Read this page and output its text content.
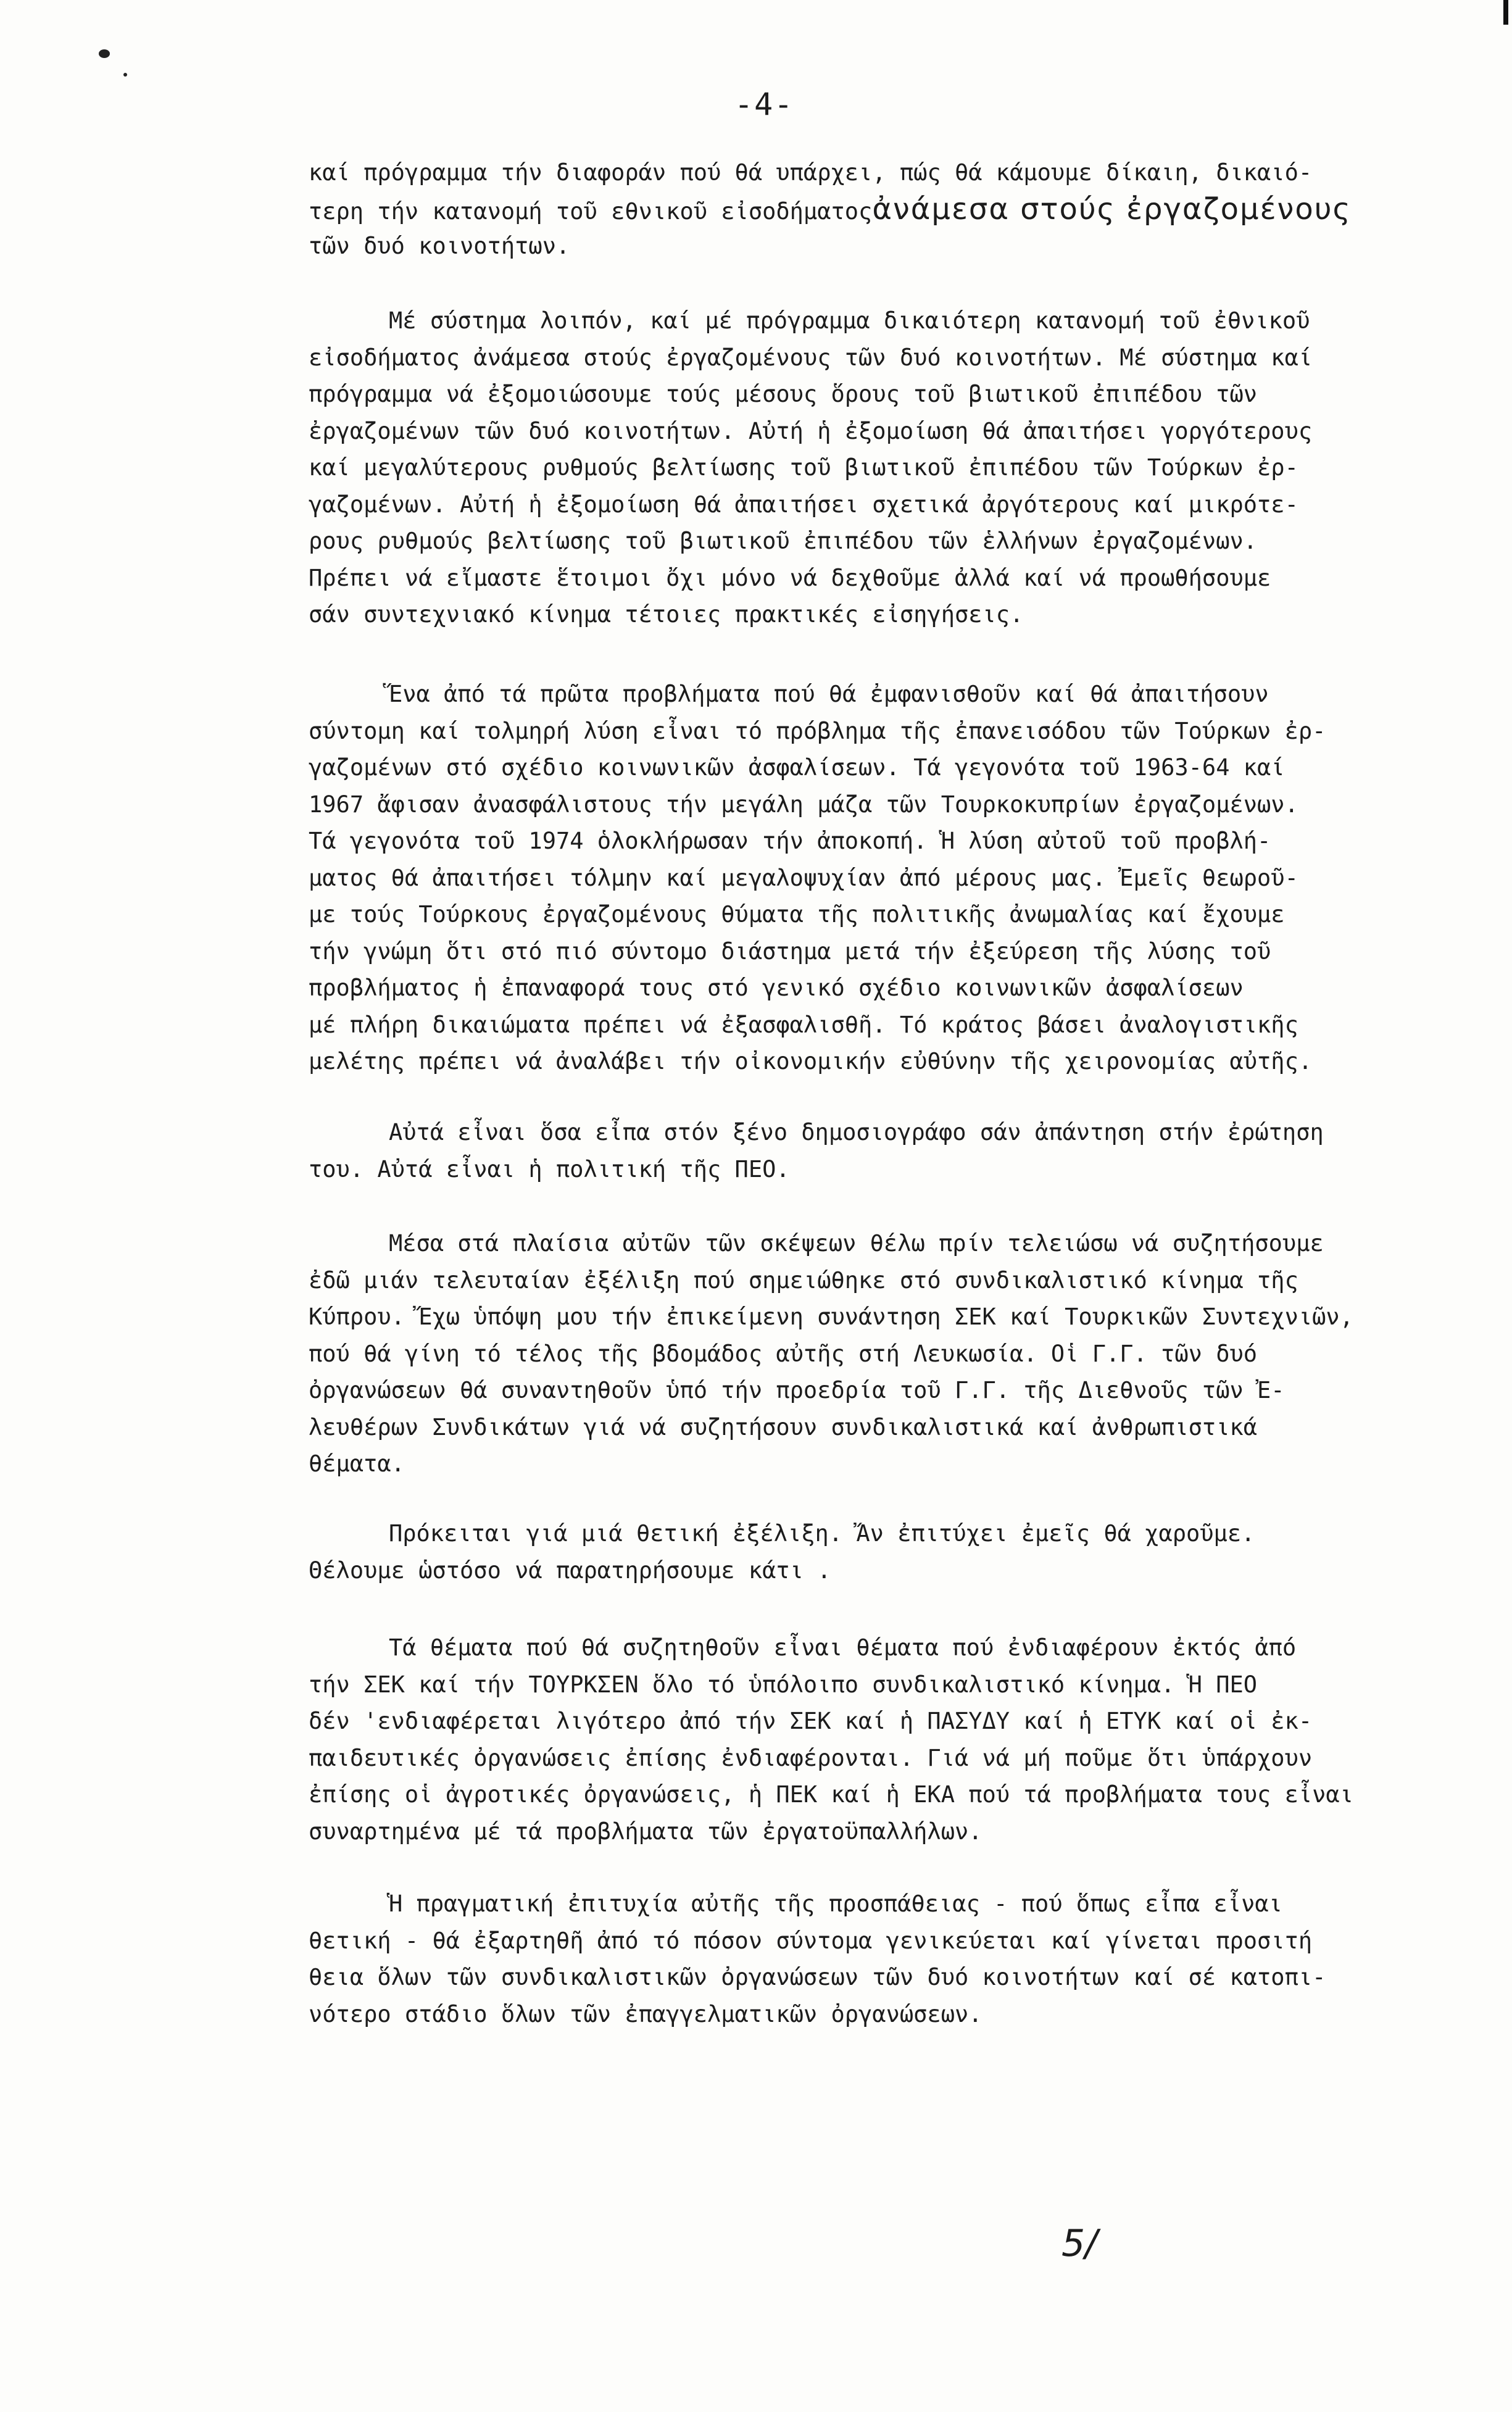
-4-
καί πρόγραμμα τήν διαφοράν πού θά υπάρχει, πώς θά κάμουμε δίκαιη, δικαιό-
τερη τήν κατανομή τοῦ εθνικοῦ εἰσοδήματοςἀνάμεσα στούς ἐργαζομένους
τῶν δυό κοινοτήτων.
Μέ σύστημα λοιπόν, καί μέ πρόγραμμα δικαιότερη κατανομή τοῦ ἐθνικοῦ
εἰσοδήματος ἀνάμεσα στούς ἐργαζομένους τῶν δυό κοινοτήτων. Μέ σύστημα καί
πρόγραμμα νά ἐξομοιώσουμε τούς μέσους ὅρους τοῦ βιωτικοῦ ἐπιπέδου τῶν
ἐργαζομένων τῶν δυό κοινοτήτων. Αὐτή ἡ ἐξομοίωση θά ἀπαιτήσει γοργότερους
καί μεγαλύτερους ρυθμούς βελτίωσης τοῦ βιωτικοῦ ἐπιπέδου τῶν Τούρκων ἐρ-
γαζομένων. Αὐτή ἡ ἐξομοίωση θά ἀπαιτήσει σχετικά ἀργότερους καί μικρότε-
ρους ρυθμούς βελτίωσης τοῦ βιωτικοῦ ἐπιπέδου τῶν ἑλλήνων ἐργαζομένων.
Πρέπει νά εἴμαστε ἕτοιμοι ὄχι μόνο νά δεχθοῦμε ἀλλά καί νά προωθήσουμε
σάν συντεχνιακό κίνημα τέτοιες πρακτικές εἰσηγήσεις.
Ἕνα ἀπό τά πρῶτα προβλήματα πού θά ἐμφανισθοῦν καί θά ἀπαιτήσουν
σύντομη καί τολμηρή λύση εἶναι τό πρόβλημα τῆς ἐπανεισόδου τῶν Τούρκων ἐρ-
γαζομένων στό σχέδιο κοινωνικῶν ἀσφαλίσεων. Τά γεγονότα τοῦ 1963-64 καί
1967 ἄφισαν ἀνασφάλιστους τήν μεγάλη μάζα τῶν Τουρκοκυπρίων ἐργαζομένων.
Τά γεγονότα τοῦ 1974 ὁλοκλήρωσαν τήν ἀποκοπή. Ἡ λύση αὐτοῦ τοῦ προβλή-
ματος θά ἀπαιτήσει τόλμην καί μεγαλοψυχίαν ἀπό μέρους μας. Ἐμεῖς θεωροῦ-
με τούς Τούρκους ἐργαζομένους θύματα τῆς πολιτικῆς ἀνωμαλίας καί ἔχουμε
τήν γνώμη ὅτι στό πιό σύντομο διάστημα μετά τήν ἐξεύρεση τῆς λύσης τοῦ
προβλήματος ἡ ἐπαναφορά τους στό γενικό σχέδιο κοινωνικῶν ἀσφαλίσεων
μέ πλήρη δικαιώματα πρέπει νά ἐξασφαλισθῆ. Τό κράτος βάσει ἀναλογιστικῆς
μελέτης πρέπει νά ἀναλάβει τήν οἰκονομικήν εὐθύνην τῆς χειρονομίας αὐτῆς.
Αὐτά εἶναι ὅσα εἶπα στόν ξένο δημοσιογράφο σάν ἀπάντηση στήν ἐρώτηση
του. Αὐτά εἶναι ἡ πολιτική τῆς ΠΕΟ.
Μέσα στά πλαίσια αὐτῶν τῶν σκέψεων θέλω πρίν τελειώσω νά συζητήσουμε
ἐδῶ μιάν τελευταίαν ἐξέλιξη πού σημειώθηκε στό συνδικαλιστικό κίνημα τῆς
Κύπρου. Ἔχω ὑπόψη μου τήν ἐπικείμενη συνάντηση ΣΕΚ καί Τουρκικῶν Συντεχνιῶν,
πού θά γίνη τό τέλος τῆς βδομάδος αὐτῆς στή Λευκωσία. Οἱ Γ.Γ. τῶν δυό
ὀργανώσεων θά συναντηθοῦν ὑπό τήν προεδρία τοῦ Γ.Γ. τῆς Διεθνοῦς τῶν Ἐ-
λευθέρων Συνδικάτων γιά νά συζητήσουν συνδικαλιστικά καί ἀνθρωπιστικά
θέματα.
Πρόκειται γιά μιά θετική ἐξέλιξη. Ἄν ἐπιτύχει ἐμεῖς θά χαροῦμε.
Θέλουμε ὡστόσο νά παρατηρήσουμε κάτι .
Τά θέματα πού θά συζητηθοῦν εἶναι θέματα πού ἐνδιαφέρουν ἐκτός ἀπό
τήν ΣΕΚ καί τήν ΤΟΥΡΚΣΕΝ ὅλο τό ὑπόλοιπο συνδικαλιστικό κίνημα. Ἡ ΠΕΟ
δέν 'ενδιαφέρεται λιγότερο ἀπό τήν ΣΕΚ καί ἡ ΠΑΣΥΔΥ καί ἡ ΕΤΥΚ καί οἱ ἐκ-
παιδευτικές ὀργανώσεις ἐπίσης ἐνδιαφέρονται. Γιά νά μή ποῦμε ὅτι ὑπάρχουν
ἐπίσης οἱ ἀγροτικές ὀργανώσεις, ἡ ΠΕΚ καί ἡ ΕΚΑ πού τά προβλήματα τους εἶναι
συναρτημένα μέ τά προβλήματα τῶν ἐργατοϋπαλλήλων.
Ἡ πραγματική ἐπιτυχία αὐτῆς τῆς προσπάθειας - πού ὅπως εἶπα εἶναι
θετική - θά ἐξαρτηθῆ ἀπό τό πόσον σύντομα γενικεύεται καί γίνεται προσιτή
θεια ὅλων τῶν συνδικαλιστικῶν ὀργανώσεων τῶν δυό κοινοτήτων καί σέ κατοπι-
νότερο στάδιο ὅλων τῶν ἐπαγγελματικῶν ὀργανώσεων.
5/
